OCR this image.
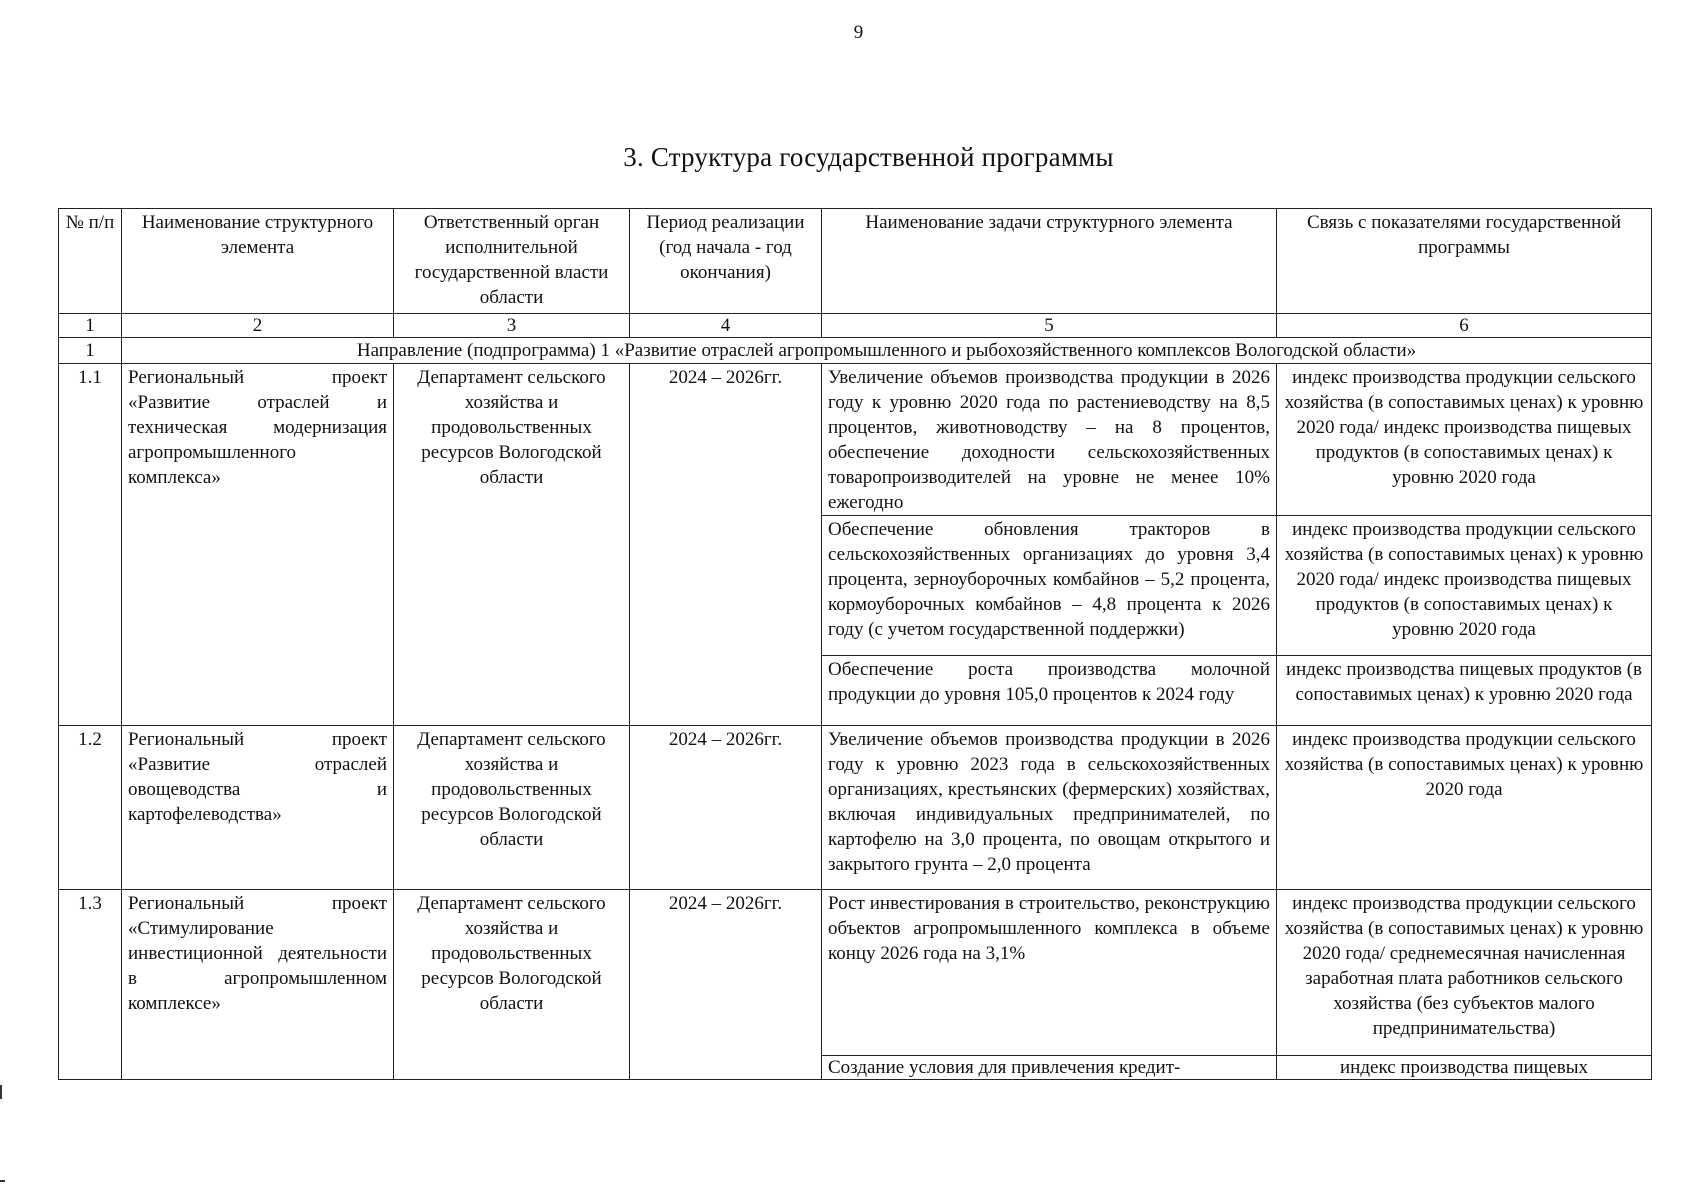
9
3. Структура государственной программы
№ п/п	Наименование структурного элемента	Ответственный орган исполнительной государственной власти области	Период реализации (год начала - год окончания)	Наименование задачи структурного элемента	Связь с показателями государственной программы
1	2	3	4	5	6
1	Направление (подпрограмма) 1 «Развитие отраслей агропромышленного и рыбохозяйственного комплексов Вологодской области»				
1.1	Региональный проект «Развитие отраслей и техническая модернизация агропромышленного комплекса»	Департамент сельского хозяйства и продовольственных ресурсов Вологодской области	2024 – 2026гг.	Увеличение объемов производства продукции в 2026 году к уровню 2020 года по растениеводству на 8,5 процентов, животноводству – на 8 процентов, обеспечение доходности сельскохозяйственных товаропроизводителей на уровне не менее 10% ежегодно	индекс производства продукции сельского хозяйства (в сопоставимых ценах) к уровню 2020 года/ индекс производства пищевых продуктов (в сопоставимых ценах) к уровню 2020 года
				Обеспечение обновления тракторов в сельскохозяйственных организациях до уровня 3,4 процента, зерноуборочных комбайнов – 5,2 процента, кормоуборочных комбайнов – 4,8 процента к 2026 году (с учетом государственной поддержки)	индекс производства продукции сельского хозяйства (в сопоставимых ценах) к уровню 2020 года/ индекс производства пищевых продуктов (в сопоставимых ценах) к уровню 2020 года
				Обеспечение роста производства молочной продукции до уровня 105,0 процентов к 2024 году	индекс производства пищевых продуктов (в сопоставимых ценах) к уровню 2020 года
1.2	Региональный проект «Развитие отраслей овощеводства и картофелеводства»	Департамент сельского хозяйства и продовольственных ресурсов Вологодской области	2024 – 2026гг.	Увеличение объемов производства продукции в 2026 году к уровню 2023 года в сельскохозяйственных организациях, крестьянских (фермерских) хозяйствах, включая индивидуальных предпринимателей, по картофелю на 3,0 процента, по овощам открытого и закрытого грунта – 2,0 процента	индекс производства продукции сельского хозяйства (в сопоставимых ценах) к уровню 2020 года
1.3	Региональный проект «Стимулирование инвестиционной деятельности в агропромышленном комплексе»	Департамент сельского хозяйства и продовольственных ресурсов Вологодской области	2024 – 2026гг.	Рост инвестирования в строительство, реконструкцию объектов агропромышленного комплекса в объеме концу 2026 года на 3,1%	индекс производства продукции сельского хозяйства (в сопоставимых ценах) к уровню 2020 года/ среднемесячная начисленная заработная плата работников сельского хозяйства (без субъектов малого предпринимательства)
				Создание условия для привлечения кредит-	индекс производства пищевых
